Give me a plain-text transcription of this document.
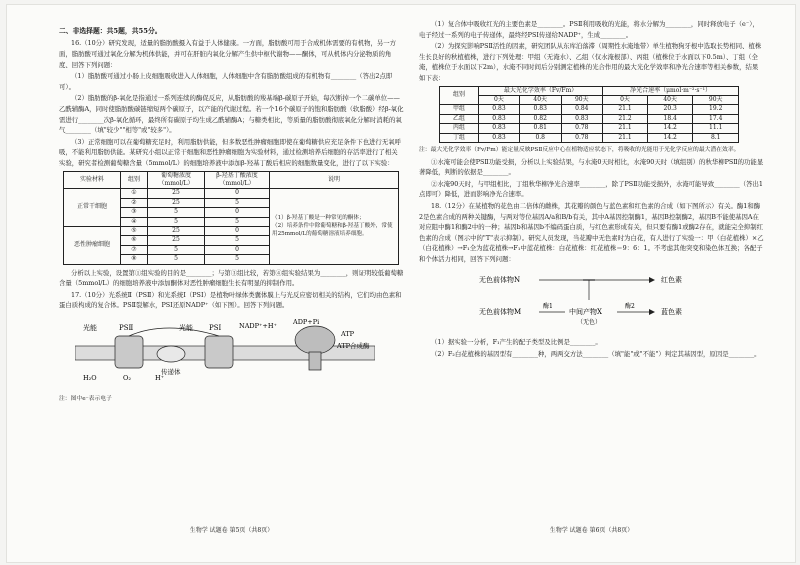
二、非选择题：共5题，共55分。

16.（10分）研究发现，适量的脂肪酸摄入有益于人体健康。一方面，脂肪酸可用于合成机体需要的有机物，另一方面，脂肪酸可通过氧化分解为机体供能，并可在肝脏内氧化分解产生供中枢代谢物——酮体，可从机体内分泌物质的角度、回答下列问题：

（1）脂肪酸可通过小肠上皮细胞吸收进入人体细胞，人体细胞中含有脂肪酸组成的有机物有________（答出2点即可）。

（2）脂肪酸的β-氧化是指通过一系列连续的酶促反应，从脂肪酸的羧基端β-碳原子开始，每次断掉一个二碳单位——乙酰辅酶A，同时使脂肪酸碳链缩短两个碳原子，以产能的代谢过程。若一个16个碳原子的饱和脂肪酸（软脂酸）经β-氧化需进行________次β-氧化循环，最终所有碳原子均生成乙酰辅酶A；与糖类相比，等质量的脂肪酸彻底氧化分解时消耗的氧气________（填"较少""相等"或"较多"）。

（3）正常细胞可以在葡萄糖充足时，利用脂肪供能，但多数恶性肿瘤细胞即使在葡萄糖供应充足条件下也进行无氧呼吸，不能利用脂肪供能。某研究小组以正常干细胞和恶性肿瘤细胞为实验材料，通过检测培养后细胞的存活率进行了相关实验，研究者检测葡萄糖含量（5mmol/L）的细胞培养液中添加β-羟基丁酸后相应的细胞数量变化，进行了以下实验：

实验材料	组别	葡萄糖浓度（mmol/L）	β-羟基丁酸浓度（mmol/L）	说明
正常干细胞	①	25	0	（1）β-羟基丁酸是一种常见的酮体；
（2）培养条件中除葡萄糖和β-羟基丁酸外，常使用25mmol/L的葡萄糖溶液培养细胞。

	②	25	5	
	③	5	0	
	④	5	5	
恶性肿瘤细胞	⑤	25	0	
	⑥	25	5	
	⑦	5	0	
	⑧	5	5	

分析以上实验，设置第①组实验的目的是________；与第③组比较，若第④组实验结果为________，则证明较低葡萄糖含量（5mmol/L）的细胞培养液中添加酮体对恶性肿瘤细胞生长有明显的抑制作用。

17.（10分）光系统Ⅱ（PSⅡ）和光系统Ⅰ（PSⅠ）是植物叶绿体类囊体膜上与光反应密切相关的结构，它们均由色素和蛋白质构成的复合体。PSⅡ裂解水，PSⅠ还原NADP⁺（如下图）。回答下列问题。

光能	光能
PSⅡ	PSⅠ	NADP⁺+H⁺ ADP+Pi
ATP
ATP合成酶
H₂O	O₂	H⁺
传递体

注：图中e⁻表示电子

生物学 试题卷 第5页（共8页）

（1）复合体中吸收红光的主要色素是________。PSⅡ利用吸收的光能，将水分解为________，同时释放电子（e⁻），电子经过一系列的电子传递体，最终经PSⅠ传递给NADP⁺，生成________。

（2）为探究影响PSⅡ活性的因素，研究团队从东库泊落滞（周期性水淹地带）单生植物狗牙根中选取长势相同、植株生长良好的秋植植株，进行下列处理：甲组（无淹水）、乙组（仅水淹根部）、丙组（植株位于水面以下0.5m）、丁组（全淹，植株位于水面以下2m），水淹不同时间后分别测定植株的光合作用的最大光化学效率和净光合速率等相关参数，结果如下表：

组别	最大光化学效率（Fv/Fm）			净光合速率（μmol·m⁻²·s⁻¹）		
	0天	40天	90天	0天	40天	90天
甲组	0.83	0.83	0.84	21.1	20.3	19.2
乙组	0.83	0.82	0.83	21.2	18.4	17.4
丙组	0.83	0.81	0.78	21.1	14.2	11.1
丁组	0.83	0.8	0.78	21.1	14.2	8.1

注：最大光化学效率（Fv/Fm）能定量反映PSⅡ反应中心在植物适应状态下，将吸收的光能用于光化学反应的最大潜在效率。

①水淹可能会使PSⅡ功能受损，分析以上实验结果，与水淹0天时相比，水淹90天时（填组别）的秋华柳PSⅡ的功能显著降低，判断的依据是________。

②水淹90天时，与甲组相比，丁组秋华柳净光合速率________，除了PSⅡ功能受损外，水淹可能导致________（答出1点即可）降低，进而影响净光合速率。

18.（12分）在某植物的花色由二倍体的雌株，其花瓣的颜色与蓝色素和红色素的合成（如下图所示）有关。酶1和酶2是色素合成的两种关键酶，与两对等位基因A/a和B/b有关，其中A基因控制酶1，基因B控制酶2，基因B不能使基因A在对应阻中酶1和酶2中的一种；基因b和基因b不编码蛋白质，与红色素形成有关，但只要有酶1或酶2存在，就能完全抑制红色素的合成（图示中的"T"表示抑制）。研究人员发现，当花瓣中无色素时为白花，有人进行了实验一：甲（白花植株）×乙（白花植株）→F₁全为蓝花植株→F₁中蓝花植株：白花植株：红花植株＝9：6：1。不考虑其他突变和染色体互换；各配子和个体活力相同，回答下列问题：

无色前体物N	红色素
无色前体物M
酶1
中间产物X
（无色）
酶2
蓝色素

（1）据实验一分析，F₁产生的配子类型及比例是________。

（2）F₂白花植株的基因型有________种，两两交方法________（填"能"或"不能"）判定其基因型，原因是________。

生物学 试题卷 第6页（共8页）
